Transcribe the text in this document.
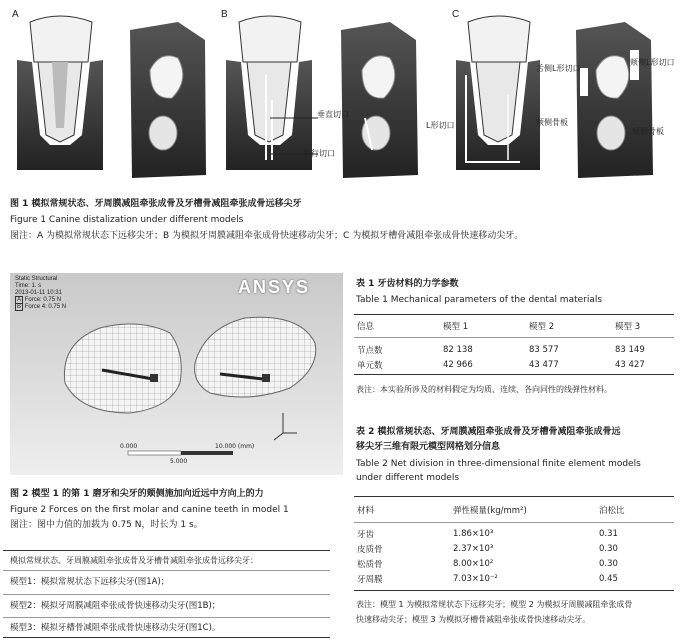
A	B	C
垂直切口
斜行切口
舌侧L形切口
颊侧L形切口
L形切口	颊侧骨板
颊侧骨板
图 1 模拟常规状态、牙周膜减阻牵张成骨及牙槽骨减阻牵张成骨远移尖牙
Figure 1 Canine distalization under different models
图注：A 为模拟常规状态下远移尖牙；B 为模拟牙周膜减阻牵张成骨快速移动尖牙；C 为模拟牙槽骨减阻牵张成骨快速移动尖牙。
Static Structural
Time: 1. s
2013-01-11 10:31
A Force: 0.75 N
B Force 4: 0.75 N
ANSYS
0.000	10.000 (mm)
5.000
图 2 模型 1 的第 1 磨牙和尖牙的颊侧施加向近远中方向上的力
Figure 2 Forces on the first molar and canine teeth in model 1
图注：图中力值的加载为 0.75 N，时长为 1 s。
模拟常规状态、牙周膜减阻牵张成骨及牙槽骨减阻牵张成骨远移尖牙：
模型1：模拟常规状态下远移尖牙(图1A)；
模型2：模拟牙周膜减阻牵张成骨快速移动尖牙(图1B)；
模型3：模拟牙槽骨减阻牵张成骨快速移动尖牙(图1C)。
表 1 牙齿材料的力学参数
Table 1 Mechanical parameters of the dental materials
信息	模型 1	模型 2	模型 3
节点数	82 138	83 577	83 149
单元数	42 966	43 477	43 427
表注：本实验所涉及的材料假定为均质、连续、各向同性的线弹性材料。
表 2 模拟常规状态、牙周膜减阻牵张成骨及牙槽骨减阻牵张成骨远
移尖牙三维有限元模型网格划分信息
Table 2 Net division in three-dimensional finite element models
under different models
材料	弹性模量(kg/mm²)	泊松比
牙齿	1.86×10³	0.31
皮质骨	2.37×10³	0.30
松质骨	8.00×10²	0.30
牙周膜	7.03×10⁻²	0.45
表注：模型 1 为模拟常规状态下远移尖牙；模型 2 为模拟牙周膜减阻牵张成骨
快速移动尖牙；模型 3 为模拟牙槽骨减阻牵张成骨快速移动尖牙。
